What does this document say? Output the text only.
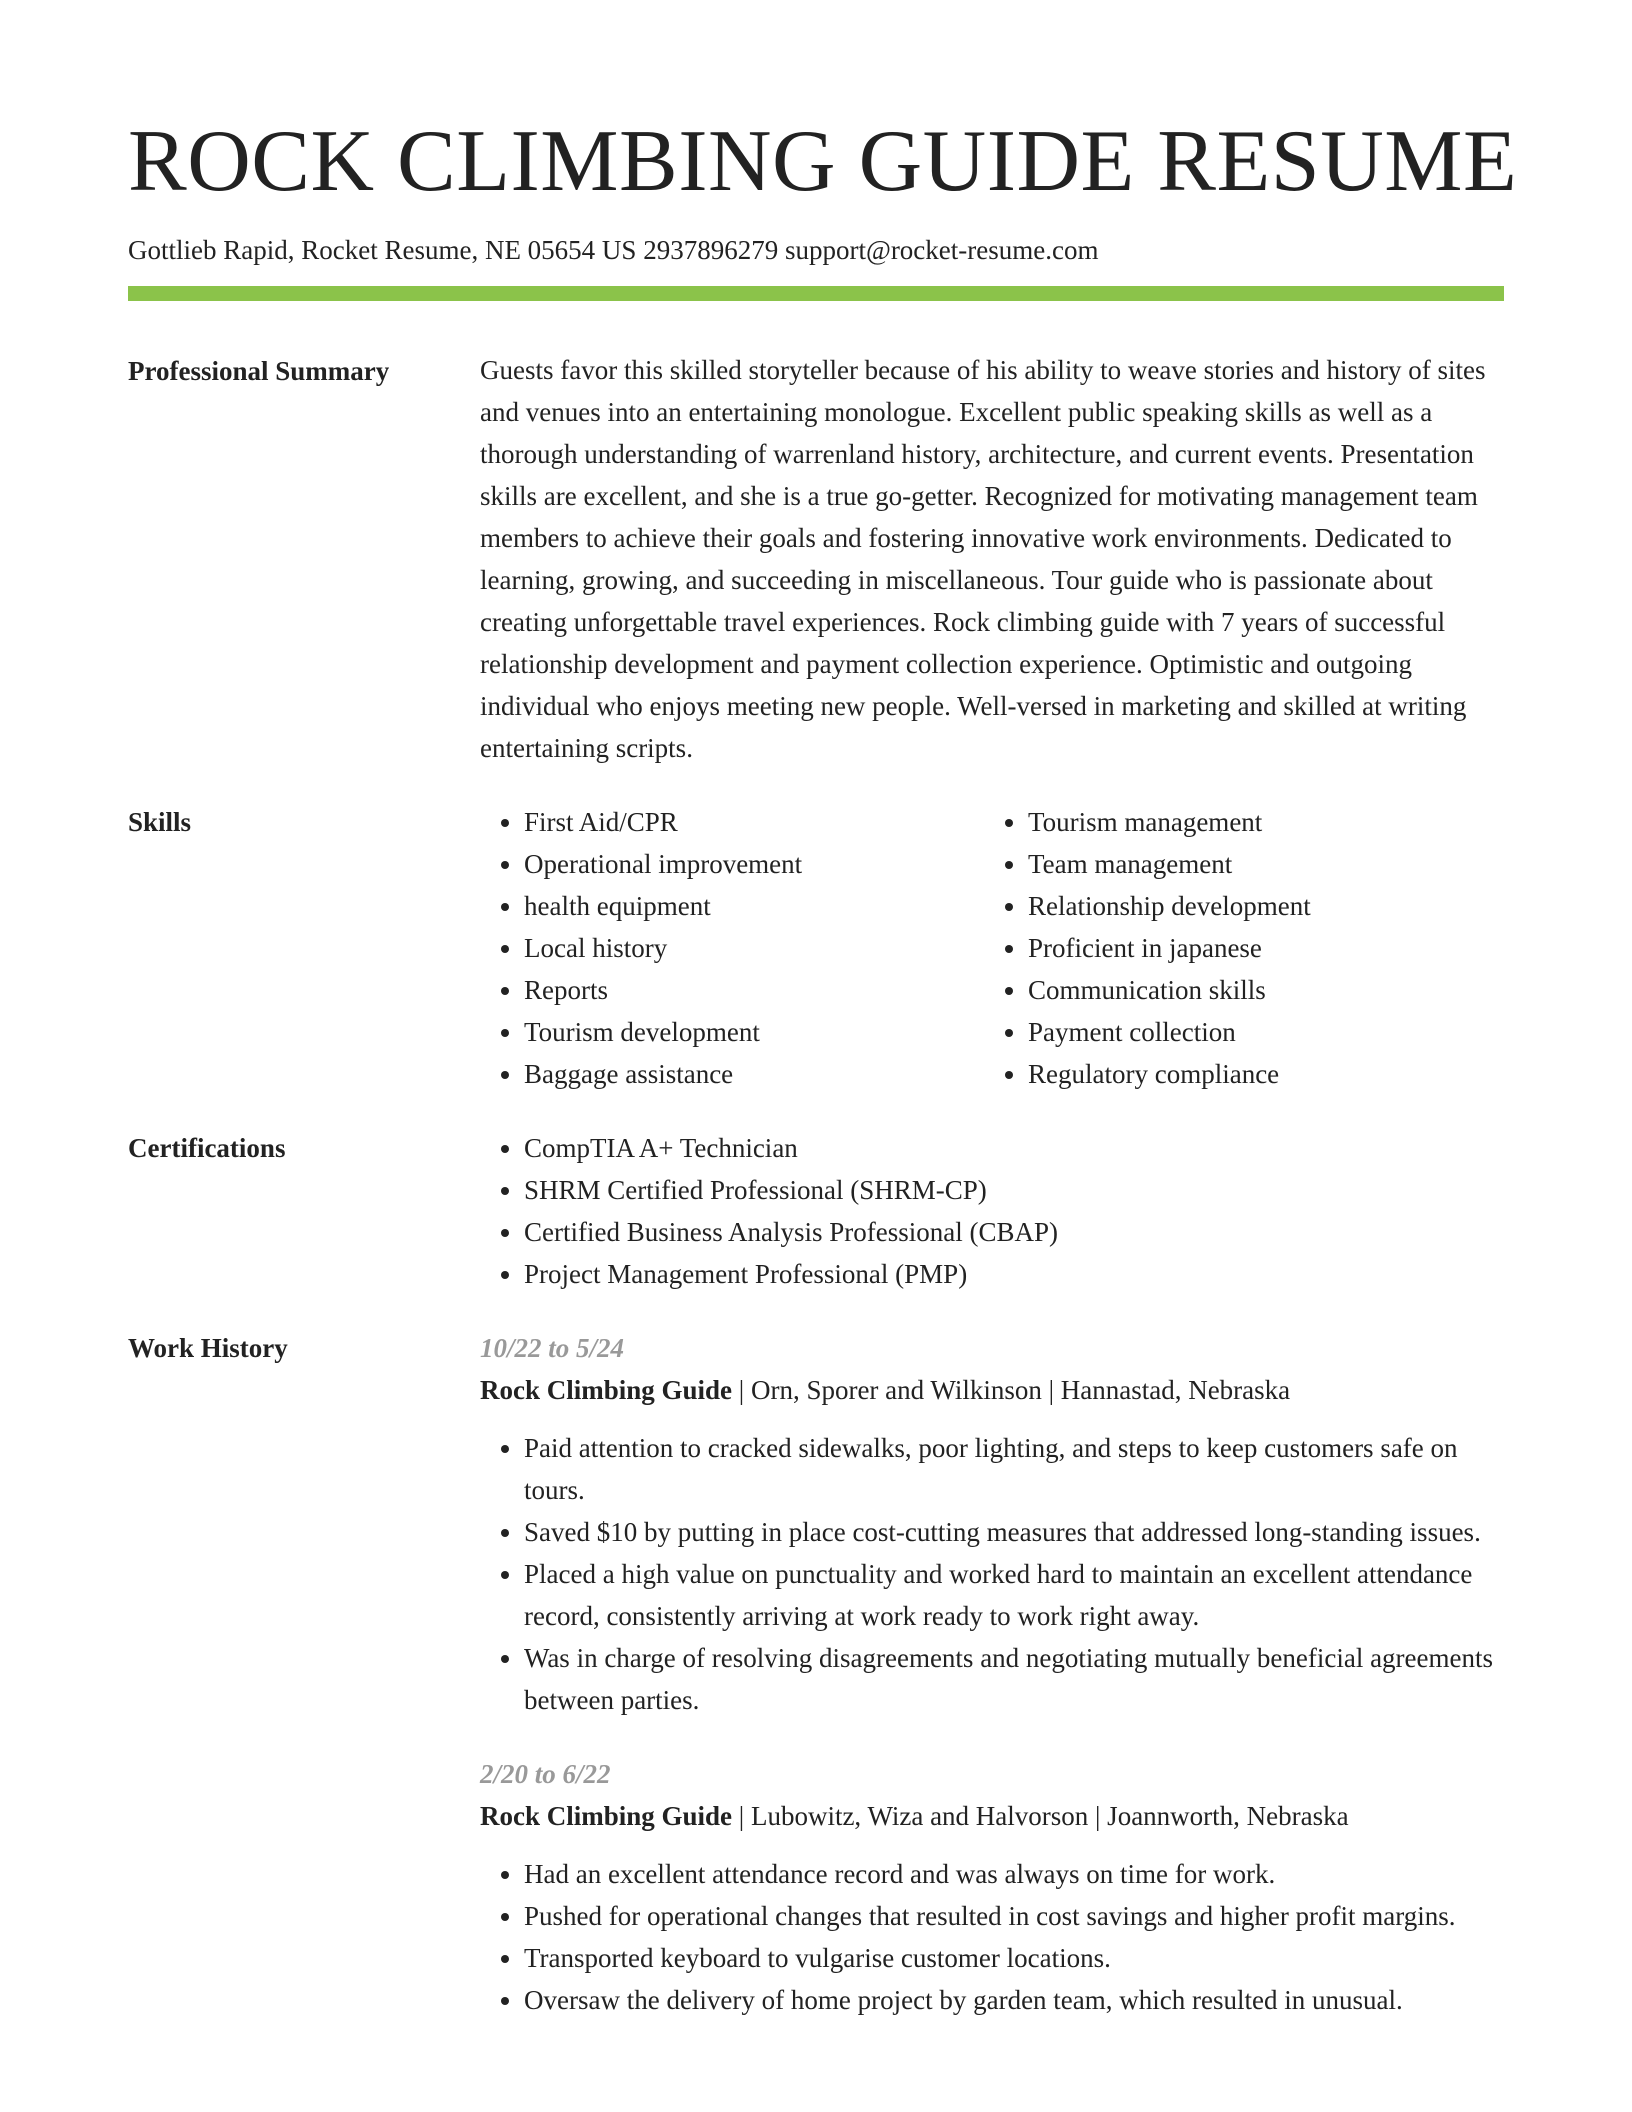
ROCK CLIMBING GUIDE RESUME
Gottlieb Rapid, Rocket Resume, NE 05654 US 2937896279 support@rocket-resume.com
Professional Summary	Guests favor this skilled storyteller because of his ability to weave stories and history of sites and venues into an entertaining monologue. Excellent public speaking skills as well as a thorough understanding of warrenland history, architecture, and current events. Presentation skills are excellent, and she is a true go-getter. Recognized for motivating management team members to achieve their goals and fostering innovative work environments. Dedicated to learning, growing, and succeeding in miscellaneous. Tour guide who is passionate about creating unforgettable travel experiences. Rock climbing guide with 7 years of successful relationship development and payment collection experience. Optimistic and outgoing individual who enjoys meeting new people. Well-versed in marketing and skilled at writing entertaining scripts.

Skills	• First Aid/CPR
• Operational improvement
• health equipment
• Local history
• Reports
• Tourism development
• Baggage assistance
• Tourism management
• Team management
• Relationship development
• Proficient in japanese
• Communication skills
• Payment collection
• Regulatory compliance
Certifications	• CompTIA A+ Technician
• SHRM Certified Professional (SHRM-CP)
• Certified Business Analysis Professional (CBAP)
• Project Management Professional (PMP)
Work History	10/22 to 5/24
Rock Climbing Guide | Orn, Sporer and Wilkinson | Hannastad, Nebraska
• Paid attention to cracked sidewalks, poor lighting, and steps to keep customers safe on tours.
• Saved $10 by putting in place cost-cutting measures that addressed long-standing issues.
• Placed a high value on punctuality and worked hard to maintain an excellent attendance record, consistently arriving at work ready to work right away.
• Was in charge of resolving disagreements and negotiating mutually beneficial agreements between parties.
2/20 to 6/22
Rock Climbing Guide | Lubowitz, Wiza and Halvorson | Joannworth, Nebraska
• Had an excellent attendance record and was always on time for work.
• Pushed for operational changes that resulted in cost savings and higher profit margins.
• Transported keyboard to vulgarise customer locations.
• Oversaw the delivery of home project by garden team, which resulted in unusual.
